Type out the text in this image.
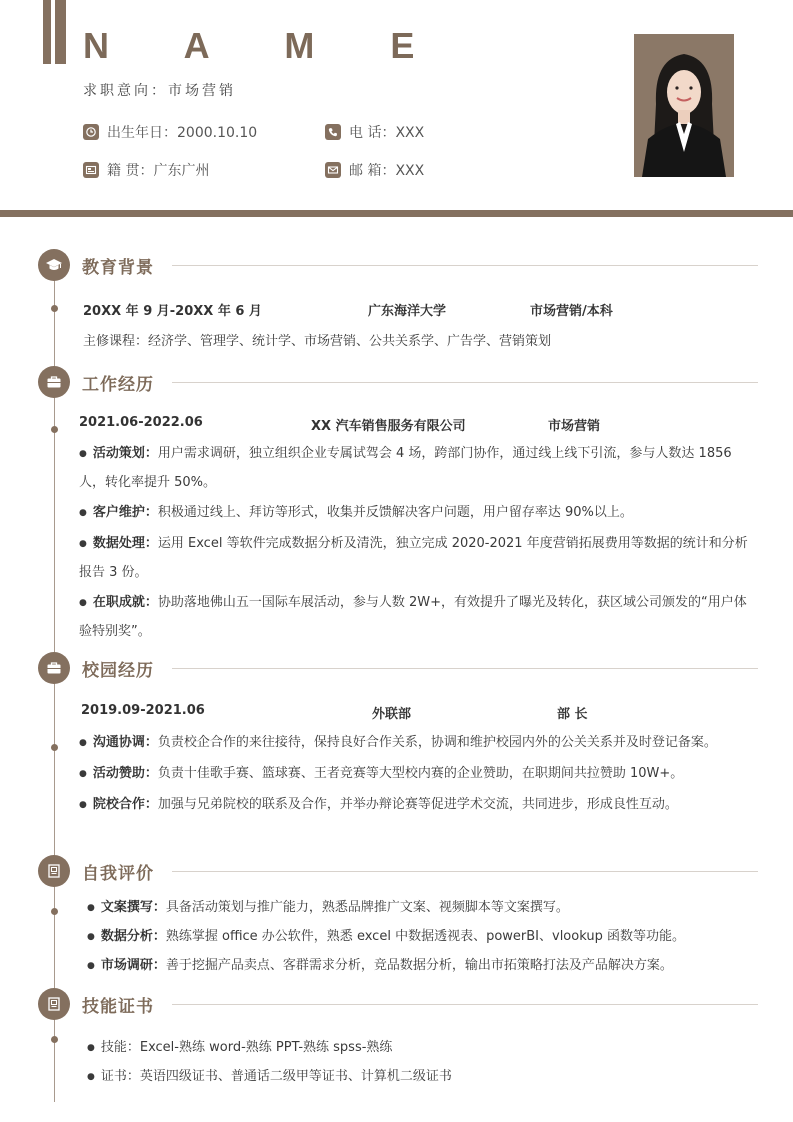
N A M E
求职意向：市场营销
出生年日：2000.10.10	电 话：XXX
籍 贯：广东广州	邮 箱：XXX
教育背景
20XX 年 9 月-20XX 年 6 月	广东海洋大学	市场营销/本科
主修课程：经济学、管理学、统计学、市场营销、公共关系学、广告学、营销策划
工作经历
2021.06-2022.06	XX 汽车销售服务有限公司	市场营销
● 活动策划：用户需求调研，独立组织企业专属试驾会 4 场，跨部门协作，通过线上线下引流，参与人数达 1856 人，转化率提升 50%。
● 客户维护：积极通过线上、拜访等形式，收集并反馈解决客户问题，用户留存率达 90%以上。
● 数据处理：运用 Excel 等软件完成数据分析及清洗，独立完成 2020-2021 年度营销拓展费用等数据的统计和分析报告 3 份。
● 在职成就：协助落地佛山五一国际车展活动，参与人数 2W+，有效提升了曝光及转化，获区域公司颁发的“用户体验特别奖”。
校园经历
2019.09-2021.06	外联部	部 长
● 沟通协调：负责校企合作的来往接待，保持良好合作关系，协调和维护校园内外的公关关系并及时登记备案。
● 活动赞助：负责十佳歌手赛、篮球赛、王者竞赛等大型校内赛的企业赞助，在职期间共拉赞助 10W+。
● 院校合作：加强与兄弟院校的联系及合作，并举办辩论赛等促进学术交流，共同进步，形成良性互动。
自我评价
● 文案撰写：具备活动策划与推广能力，熟悉品牌推广文案、视频脚本等文案撰写。
● 数据分析：熟练掌握 office 办公软件，熟悉 excel 中数据透视表、powerBI、vlookup 函数等功能。
● 市场调研：善于挖掘产品卖点、客群需求分析，竞品数据分析，输出市拓策略打法及产品解决方案。
技能证书
● 技能：Excel-熟练 word-熟练 PPT-熟练 spss-熟练
● 证书：英语四级证书、普通话二级甲等证书、计算机二级证书
